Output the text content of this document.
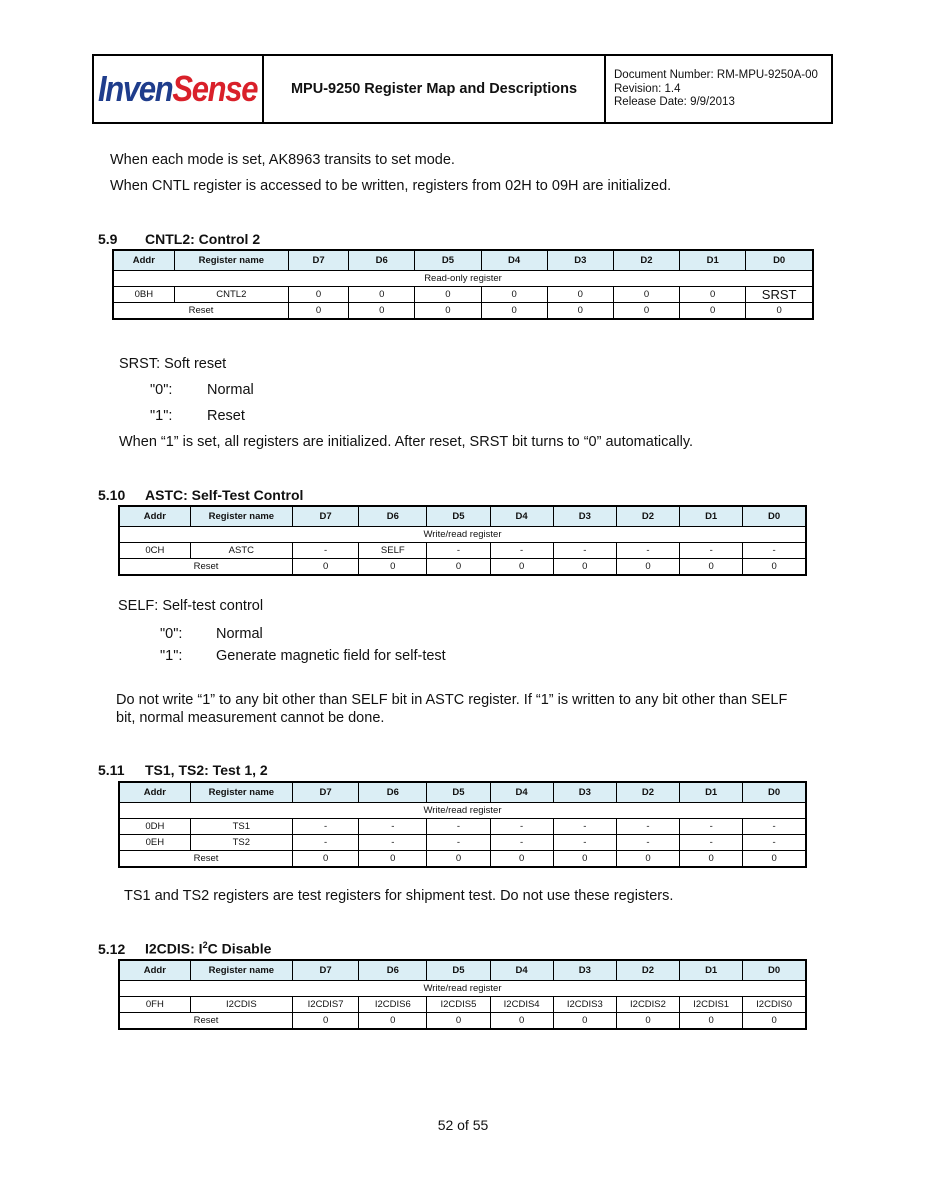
InvenSense	MPU-9250 Register Map and Descriptions
Document Number: RM-MPU-9250A-00
Revision: 1.4
Release Date: 9/9/2013

When each mode is set, AK8963 transits to set mode.

When CNTL register is accessed to be written, registers from 02H to 09H are initialized.

5.9 CNTL2: Control 2
Addr	Register name	D7	D6	D5	D4	D3	D2	D1	D0
Read-only register									
0BH	CNTL2	0	0	0	0	0	0	0	SRST
Reset		0	0	0	0	0	0	0	0

SRST: Soft reset

"0": Normal

"1": Reset

When “1” is set, all registers are initialized. After reset, SRST bit turns to “0” automatically.

5.10 ASTC: Self-Test Control
Addr	Register name	D7	D6	D5	D4	D3	D2	D1	D0
Write/read register									
0CH	ASTC	-	SELF	-	-	-	-	-	-
Reset		0	0	0	0	0	0	0	0

SELF: Self-test control

"0": Normal

"1": Generate magnetic field for self-test

Do not write “1” to any bit other than SELF bit in ASTC register. If “1” is written to any bit other than SELF

bit, normal measurement cannot be done.

5.11 TS1, TS2: Test 1, 2
Addr	Register name	D7	D6	D5	D4	D3	D2	D1	D0
Write/read register									
0DH	TS1	-	-	-	-	-	-	-	-
0EH	TS2	-	-	-	-	-	-	-	-
Reset		0	0	0	0	0	0	0	0

TS1 and TS2 registers are test registers for shipment test. Do not use these registers.

5.12 I2CDIS: $I^2C$ Disable
Addr	Register name	D7	D6	D5	D4	D3	D2	D1	D0
Write/read register									
0FH	I2CDIS	I2CDIS7	I2CDIS6	I2CDIS5	I2CDIS4	I2CDIS3	I2CDIS2	I2CDIS1	I2CDIS0
Reset		0	0	0	0	0	0	0	0
52 of 55
